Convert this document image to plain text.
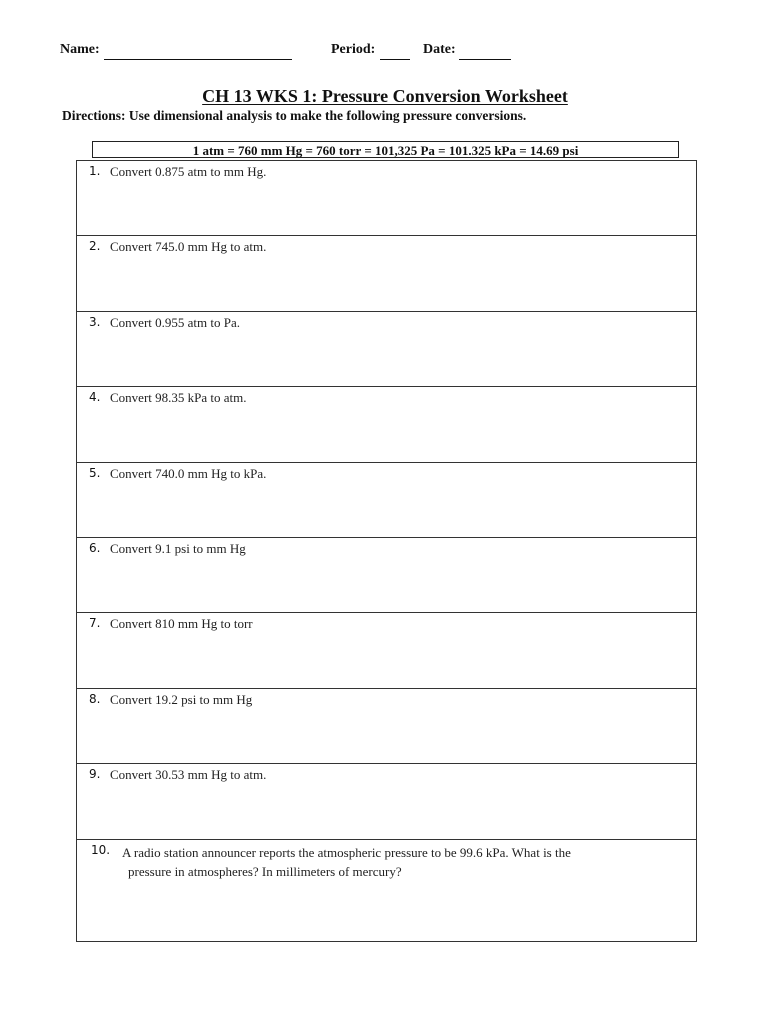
Name:	Period:	Date:
CH 13 WKS 1: Pressure Conversion Worksheet
Directions: Use dimensional analysis to make the following pressure conversions.
1 atm = 760 mm Hg = 760 torr = 101,325 Pa = 101.325 kPa = 14.69 psi
1. Convert 0.875 atm to mm Hg.
2. Convert 745.0 mm Hg to atm.
3. Convert 0.955 atm to Pa.
4. Convert 98.35 kPa to atm.
5. Convert 740.0 mm Hg to kPa.
6. Convert 9.1 psi to mm Hg
7. Convert 810 mm Hg to torr
8. Convert 19.2 psi to mm Hg
9. Convert 30.53 mm Hg to atm.
10. A radio station announcer reports the atmospheric pressure to be 99.6 kPa. What is the
pressure in atmospheres? In millimeters of mercury?
